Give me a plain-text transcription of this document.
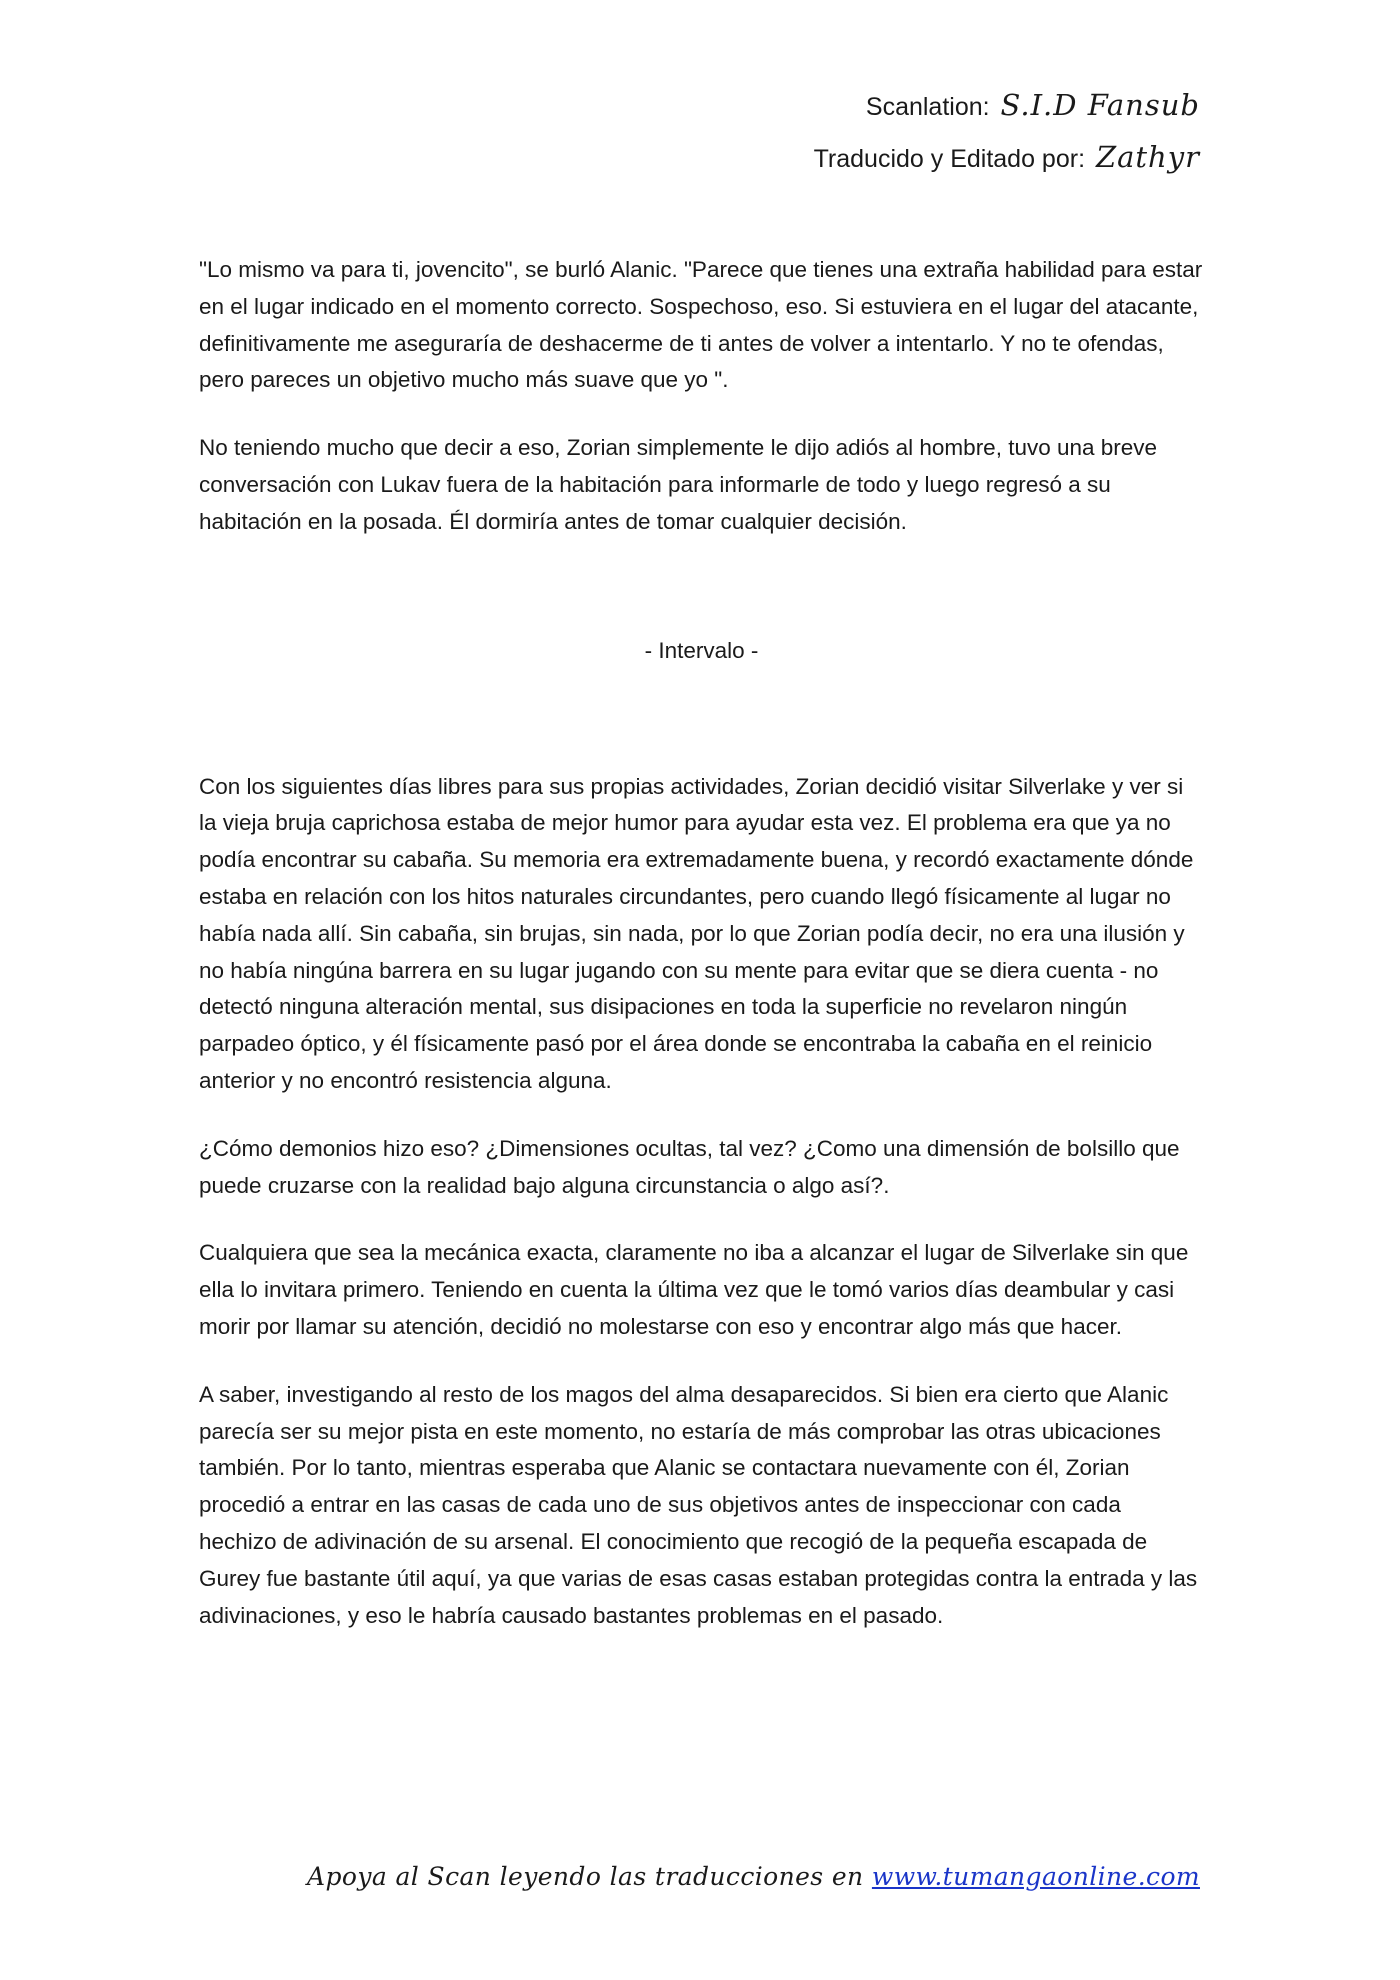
Scanlation: S.I.D Fansub
Traducido y Editado por: Zathyr

"Lo mismo va para ti, jovencito", se burló Alanic. "Parece que tienes una extraña habilidad para estar en el lugar indicado en el momento correcto. Sospechoso, eso. Si estuviera en el lugar del atacante, definitivamente me aseguraría de deshacerme de ti antes de volver a intentarlo. Y no te ofendas, pero pareces un objetivo mucho más suave que yo ".

No teniendo mucho que decir a eso, Zorian simplemente le dijo adiós al hombre, tuvo una breve conversación con Lukav fuera de la habitación para informarle de todo y luego regresó a su habitación en la posada. Él dormiría antes de tomar cualquier decisión.

- Intervalo -

Con los siguientes días libres para sus propias actividades, Zorian decidió visitar Silverlake y ver si la vieja bruja caprichosa estaba de mejor humor para ayudar esta vez. El problema era que ya no podía encontrar su cabaña. Su memoria era extremadamente buena, y recordó exactamente dónde estaba en relación con los hitos naturales circundantes, pero cuando llegó físicamente al lugar no había nada allí. Sin cabaña, sin brujas, sin nada, por lo que Zorian podía decir, no era una ilusión y no había ningúna barrera en su lugar jugando con su mente para evitar que se diera cuenta - no detectó ninguna alteración mental, sus disipaciones en toda la superficie no revelaron ningún parpadeo óptico, y él físicamente pasó por el área donde se encontraba la cabaña en el reinicio anterior y no encontró resistencia alguna.

¿Cómo demonios hizo eso? ¿Dimensiones ocultas, tal vez? ¿Como una dimensión de bolsillo que puede cruzarse con la realidad bajo alguna circunstancia o algo así?.

Cualquiera que sea la mecánica exacta, claramente no iba a alcanzar el lugar de Silverlake sin que ella lo invitara primero. Teniendo en cuenta la última vez que le tomó varios días deambular y casi morir por llamar su atención, decidió no molestarse con eso y encontrar algo más que hacer.

A saber, investigando al resto de los magos del alma desaparecidos. Si bien era cierto que Alanic parecía ser su mejor pista en este momento, no estaría de más comprobar las otras ubicaciones también. Por lo tanto, mientras esperaba que Alanic se contactara nuevamente con él, Zorian procedió a entrar en las casas de cada uno de sus objetivos antes de inspeccionar con cada hechizo de adivinación de su arsenal. El conocimiento que recogió de la pequeña escapada de Gurey fue bastante útil aquí, ya que varias de esas casas estaban protegidas contra la entrada y las adivinaciones, y eso le habría causado bastantes problemas en el pasado.

Apoya al Scan leyendo las traducciones en www.tumangaonline.com
